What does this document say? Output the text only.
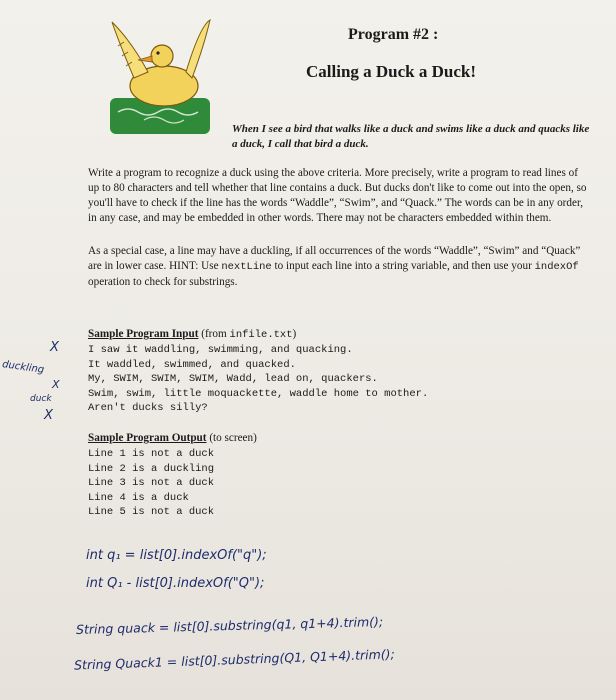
Program #2 :
Calling a Duck a Duck!
When I see a bird that walks like a duck and swims like a duck and quacks like a duck, I call that bird a duck.
Write a program to recognize a duck using the above criteria. More precisely, write a program to read lines of up to 80 characters and tell whether that line contains a duck. But ducks don't like to come out into the open, so you'll have to check if the line has the words “Waddle”, “Swim”, and “Quack.” The words can be in any order, in any case, and may be embedded in other words. There may not be characters embedded within them.
As a special case, a line may have a duckling, if all occurrences of the words “Waddle”, “Swim” and “Quack” are in lower case. HINT: Use nextLine to input each line into a string variable, and then use your indexOf operation to check for substrings.
Sample Program Input (from infile.txt)
I saw it waddling, swimming, and quacking.
It waddled, swimmed, and quacked.
My, SWIM, SWIM, SWIM, Wadd, lead on, quackers.
Swim, swim, little moquackette, waddle home to mother.
Aren't ducks silly?
Sample Program Output (to screen)
Line 1 is not a duck
Line 2 is a duckling
Line 3 is not a duck
Line 4 is a duck
Line 5 is not a duck
X
X
X
duckling
duck
int q₁ = list[0].indexOf("q");
int Q₁ - list[0].indexOf("Q");
String quack = list[0].substring(q1, q1+4).trim();
String Quack1 = list[0].substring(Q1, Q1+4).trim();
